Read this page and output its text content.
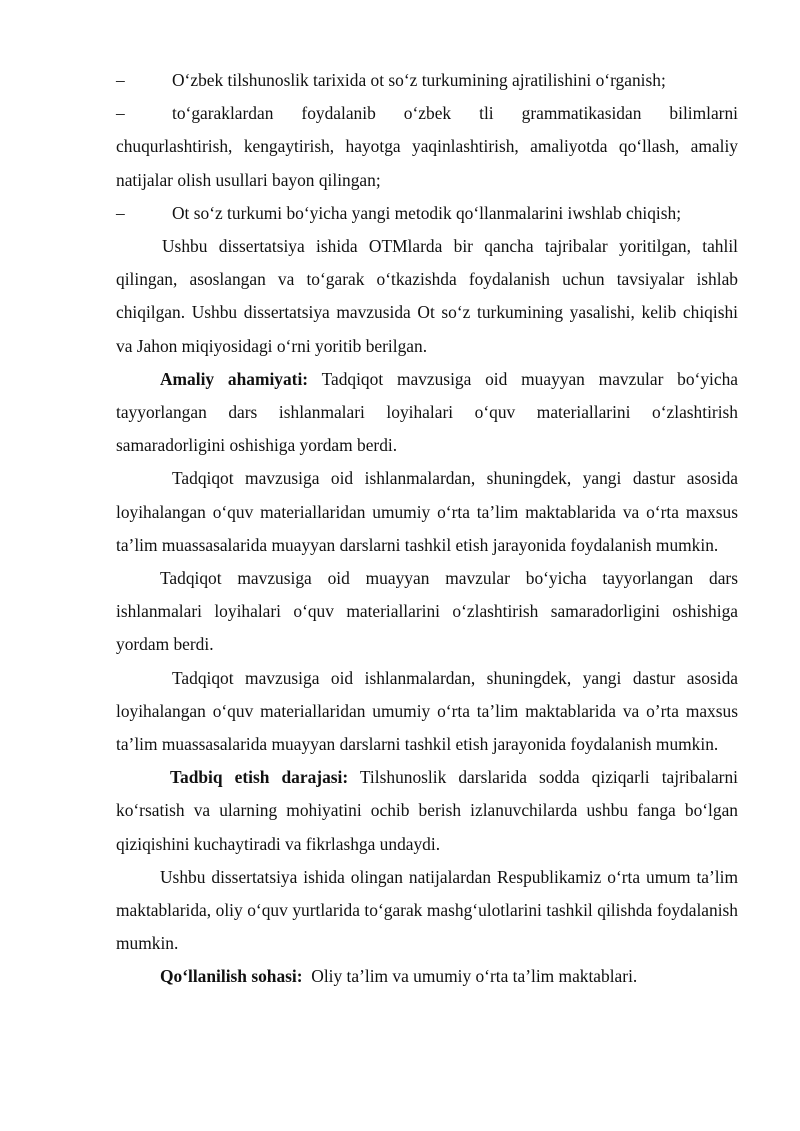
–	O‘zbek tilshunoslik tarixida ot so‘z turkumining ajratilishini o‘rganish;

–	to‘garaklardan foydalanib o‘zbek tli grammatikasidan bilimlarni chuqurlashtirish, kengaytirish, hayotga yaqinlashtirish, amaliyotda qo‘llash, amaliy natijalar olish usullari bayon qilingan;

–	Ot so‘z turkumi bo‘yicha yangi metodik qo‘llanmalarini iwshlab chiqish;

Ushbu dissertatsiya ishida OTMlarda bir qancha tajribalar yoritilgan, tahlil qilingan, asoslangan va to‘garak o‘tkazishda foydalanish uchun tavsiyalar ishlab chiqilgan. Ushbu dissertatsiya mavzusida Ot so‘z turkumining yasalishi, kelib chiqishi va Jahon miqiyosidagi o‘rni yoritib berilgan.

Amaliy ahamiyati: Tadqiqot mavzusiga oid muayyan mavzular bo‘yicha tayyorlangan dars ishlanmalari loyihalari o‘quv materiallarini o‘zlashtirish samaradorligini oshishiga yordam berdi.

Tadqiqot mavzusiga oid ishlanmalardan, shuningdek, yangi dastur asosida loyihalangan o‘quv materiallaridan umumiy o‘rta ta’lim maktablarida va o‘rta maxsus ta’lim muassasalarida muayyan darslarni tashkil etish jarayonida foydalanish mumkin.

Tadqiqot mavzusiga oid muayyan mavzular bo‘yicha tayyorlangan dars ishlanmalari loyihalari o‘quv materiallarini o‘zlashtirish samaradorligini oshishiga yordam berdi.

Tadqiqot mavzusiga oid ishlanmalardan, shuningdek, yangi dastur asosida loyihalangan o‘quv materiallaridan umumiy o‘rta ta’lim maktablarida va o’rta maxsus ta’lim muassasalarida muayyan darslarni tashkil etish jarayonida foydalanish mumkin.

Tadbiq etish darajasi: Tilshunoslik darslarida sodda qiziqarli tajribalarni ko‘rsatish va ularning mohiyatini ochib berish izlanuvchilarda ushbu fanga bo‘lgan qiziqishini kuchaytiradi va fikrlashga undaydi.

Ushbu dissertatsiya ishida olingan natijalardan Respublikamiz o‘rta umum ta’lim maktablarida, oliy o‘quv yurtlarida to‘garak mashg‘ulotlarini tashkil qilishda foydalanish mumkin.

Qo‘llanilish sohasi:  Oliy ta’lim va umumiy o‘rta ta’lim maktablari.
